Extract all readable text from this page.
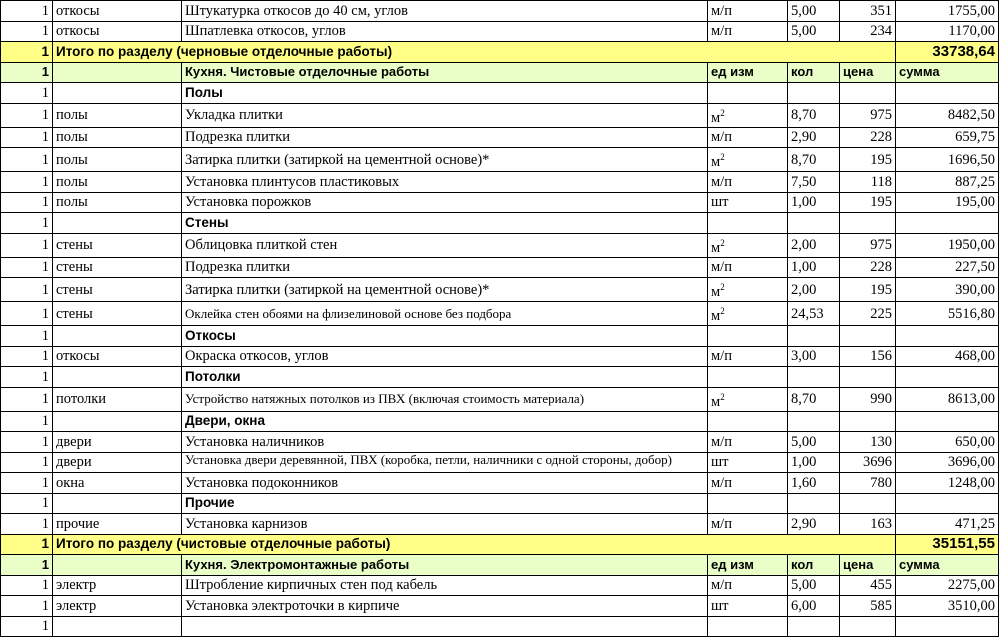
1	откосы	Штукатурка откосов до 40 см, углов	м/п	5,00	351	1755,00
1	откосы	Шпатлевка откосов, углов	м/п	5,00	234	1170,00
1	Итого по разделу (черновые отделочные работы)					33738,64
1		Кухня. Чистовые отделочные работы	ед изм	кол	цена	сумма
1		Полы				
1	полы	Укладка плитки	$м^2$	8,70	975	8482,50
1	полы	Подрезка плитки	м/п	2,90	228	659,75
1	полы	Затирка плитки (затиркой на цементной основе)*	$м^2$	8,70	195	1696,50
1	полы	Установка плинтусов пластиковых	м/п	7,50	118	887,25
1	полы	Установка порожков	шт	1,00	195	195,00
1		Стены				
1	стены	Облицовка плиткой стен	$м^2$	2,00	975	1950,00
1	стены	Подрезка плитки	м/п	1,00	228	227,50
1	стены	Затирка плитки (затиркой на цементной основе)*	$м^2$	2,00	195	390,00
1	стены	Оклейка стен обоями на флизелиновой основе без подбора	$м^2$	24,53	225	5516,80
1		Откосы				
1	откосы	Окраска откосов, углов	м/п	3,00	156	468,00
1		Потолки				
1	потолки	Устройство натяжных потолков из ПВХ (включая стоимость материала)	$м^2$	8,70	990	8613,00
1		Двери, окна				
1	двери	Установка наличников	м/п	5,00	130	650,00
1	двери	Установка двери деревянной, ПВХ (коробка, петли, наличники с одной стороны, добор)	шт	1,00	3696	3696,00
1	окна	Установка подоконников	м/п	1,60	780	1248,00
1		Прочие				
1	прочие	Установка карнизов	м/п	2,90	163	471,25
1	Итого по разделу (чистовые отделочные работы)					35151,55
1		Кухня. Электромонтажные работы	ед изм	кол	цена	сумма
1	электр	Штробление кирпичных стен под кабель	м/п	5,00	455	2275,00
1	электр	Установка электроточки в кирпиче	шт	6,00	585	3510,00
1						
